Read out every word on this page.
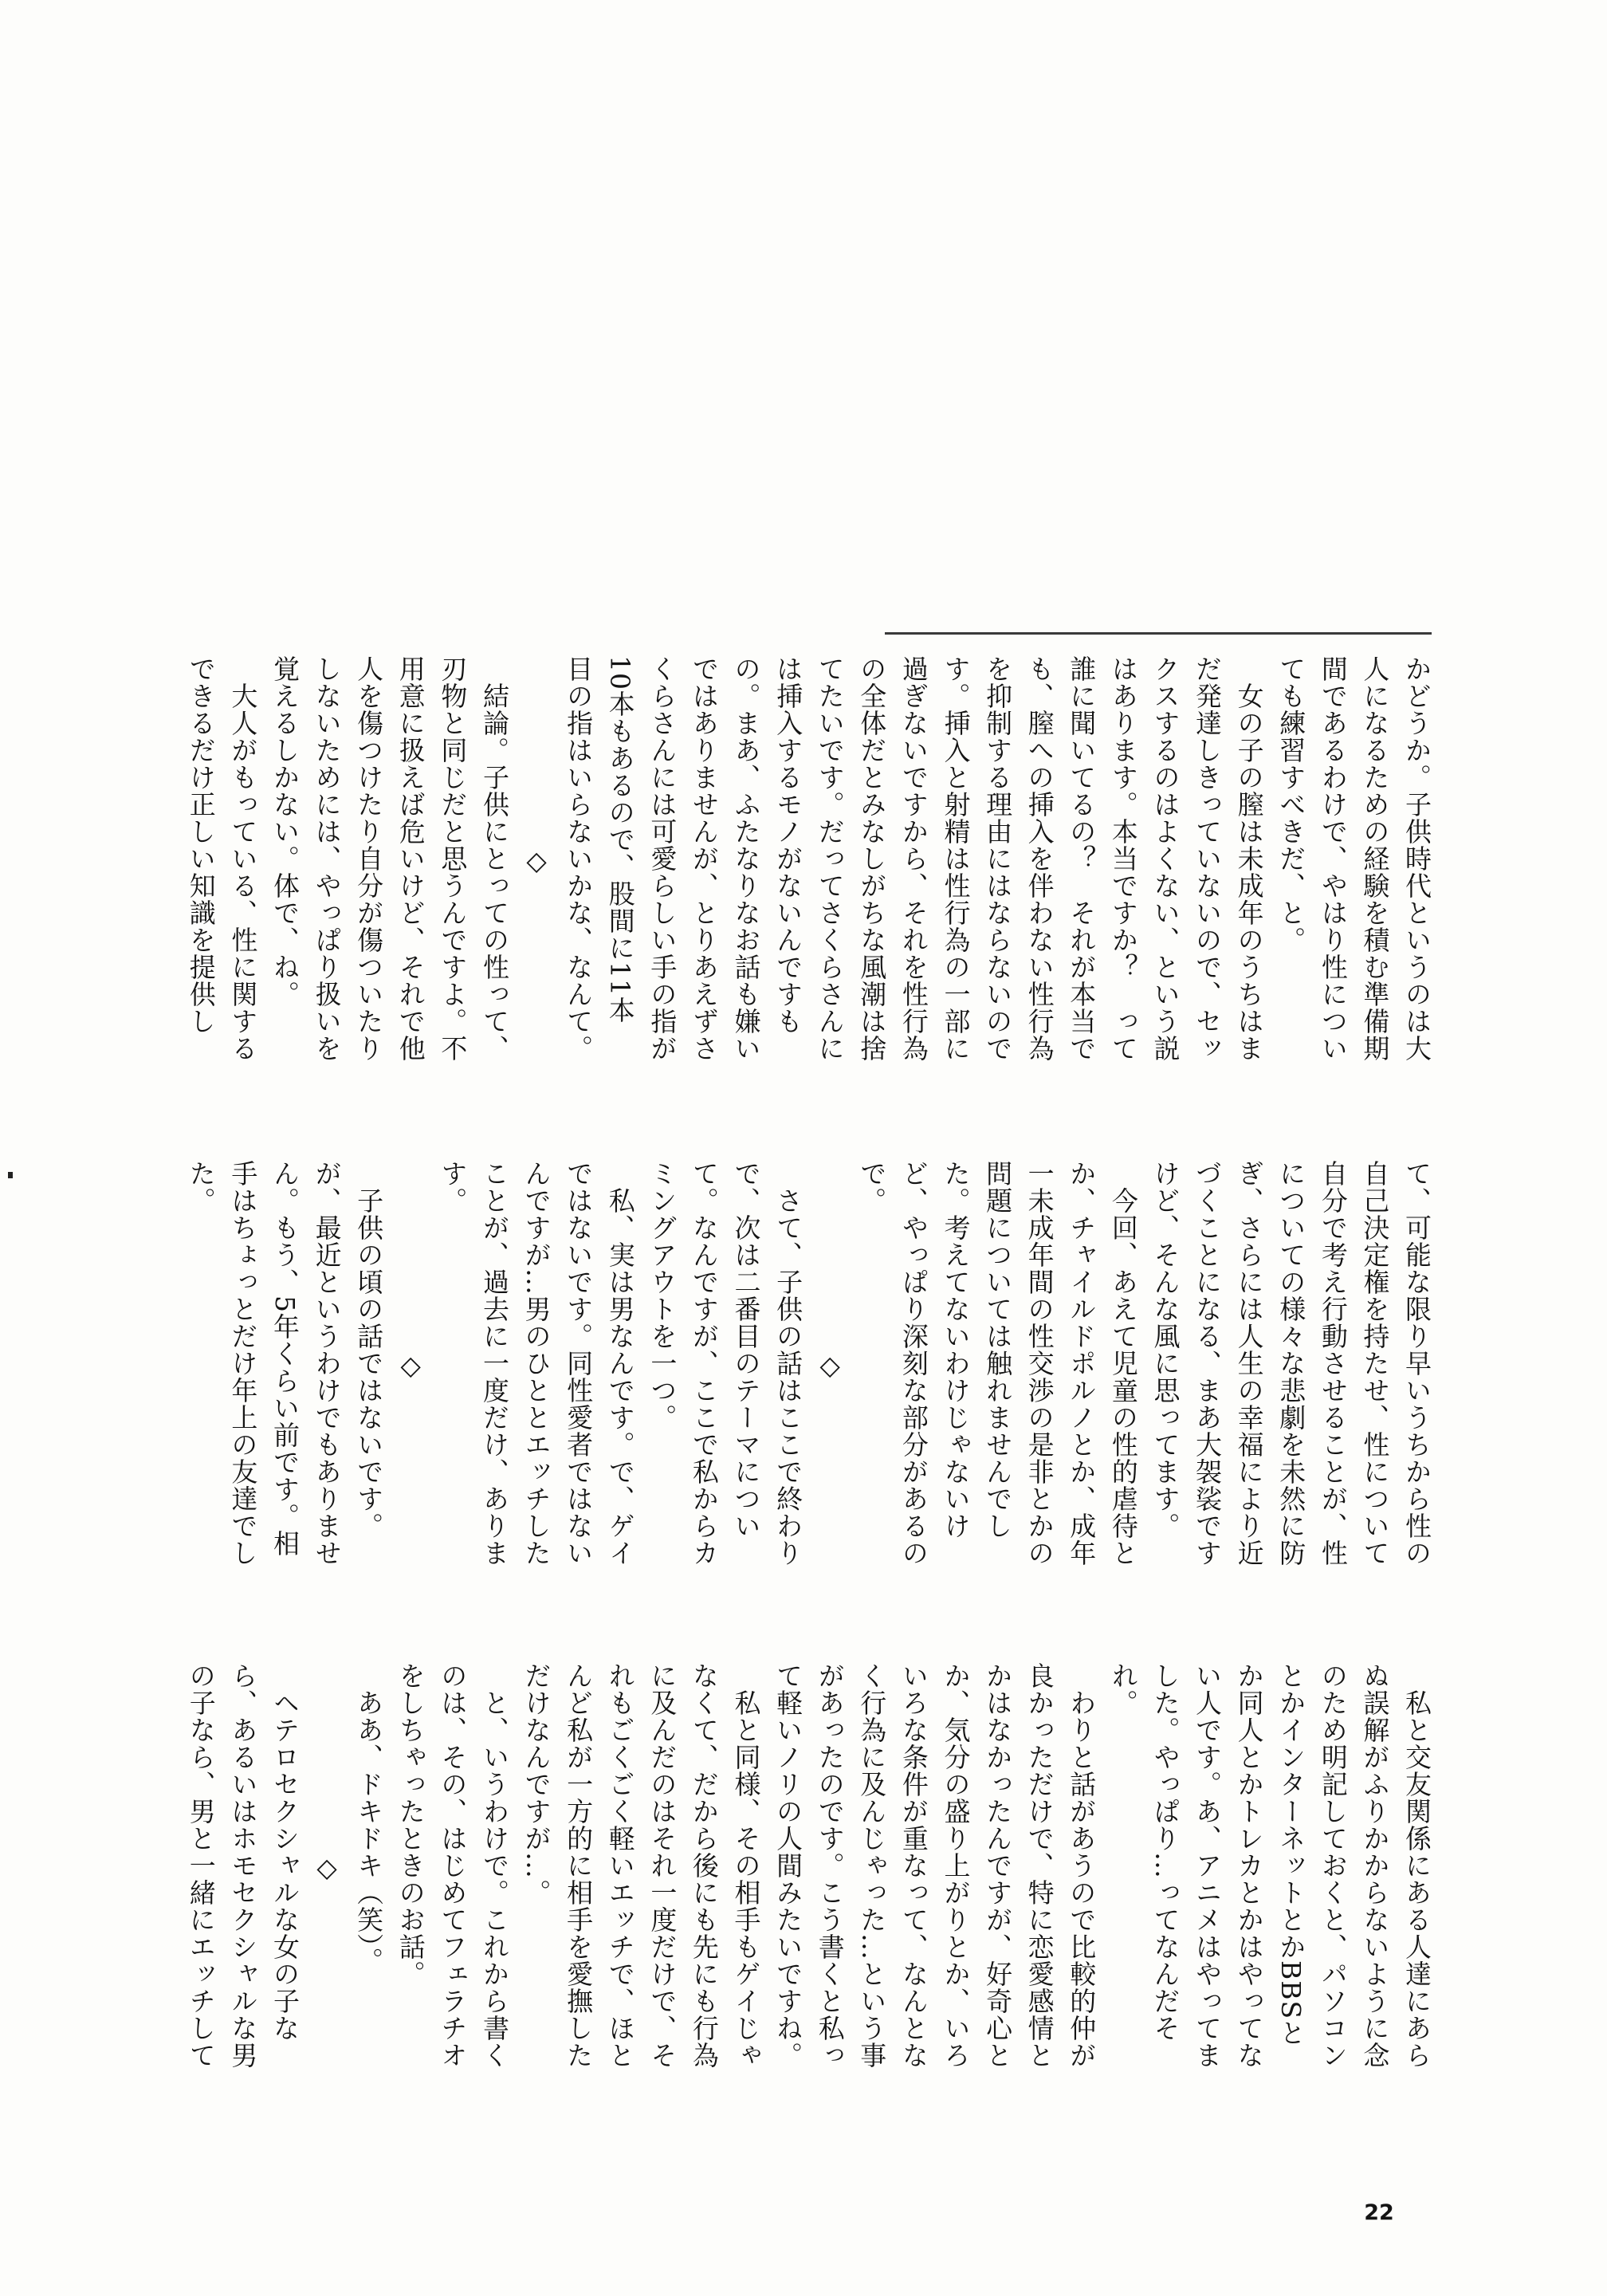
かどうか。子供時代というのは大
人になるための経験を積む準備期
間であるわけで、やはり性につい
ても練習すべきだ、と。
　女の子の膣は未成年のうちはま
だ発達しきっていないので、セッ
クスするのはよくない、という説
はあります。本当ですか？　って
誰に聞いてるの？　それが本当で
も、膣への挿入を伴わない性行為
を抑制する理由にはならないので
す。挿入と射精は性行為の一部に
過ぎないですから、それを性行為
の全体だとみなしがちな風潮は捨
てたいです。だってさくらさんに
は挿入するモノがないんですも
の。まあ、ふたなりなお話も嫌い
ではありませんが、とりあえずさ
くらさんには可愛らしい手の指が
10本もあるので、股間に11本
目の指はいらないかな、なんて。
　　　　　　　◇
　結論。子供にとっての性って、
刃物と同じだと思うんですよ。不
用意に扱えば危いけど、それで他
人を傷つけたり自分が傷ついたり
しないためには、やっぱり扱いを
覚えるしかない。体で、ね。
　大人がもっている、性に関する
できるだけ正しい知識を提供し
て、可能な限り早いうちから性の
自己決定権を持たせ、性について
自分で考え行動させることが、性
についての様々な悲劇を未然に防
ぎ、さらには人生の幸福により近
づくことになる、まあ大袈裟です
けど、そんな風に思ってます。
　今回、あえて児童の性的虐待と
か、チャイルドポルノとか、成年
一未成年間の性交渉の是非とかの
問題については触れませんでし
た。考えてないわけじゃないけ
ど、やっぱり深刻な部分があるの
で。
　　　　　　　◇
　さて、子供の話はここで終わり
で、次は二番目のテーマについ
て。なんですが、ここで私からカ
ミングアウトを一つ。
　私、実は男なんです。で、ゲイ
ではないです。同性愛者ではない
んですが…男のひととエッチした
ことが、過去に一度だけ、ありま
す。
　　　　　　　◇
　子供の頃の話ではないです。
が、最近というわけでもありませ
ん。もう、5年くらい前です。相
手はちょっとだけ年上の友達でし
た。
　私と交友関係にある人達にあら
ぬ誤解がふりかからないように念
のため明記しておくと、パソコン
とかインターネットとかBBSと
か同人とかトレカとかはやってな
い人です。あ、アニメはやってま
した。やっぱり…ってなんだそ
れ。
　わりと話があうので比較的仲が
良かっただけで、特に恋愛感情と
かはなかったんですが、好奇心と
か、気分の盛り上がりとか、いろ
いろな条件が重なって、なんとな
く行為に及んじゃった…という事
があったのです。こう書くと私っ
て軽いノリの人間みたいですね。
　私と同様、その相手もゲイじゃ
なくて、だから後にも先にも行為
に及んだのはそれ一度だけで、そ
れもごくごく軽いエッチで、ほと
んど私が一方的に相手を愛撫した
だけなんですが…。
　と、いうわけで。これから書く
のは、その、はじめてフェラチオ
をしちゃったときのお話。
　ああ、ドキドキ（笑）。
　　　　　　　◇
　ヘテロセクシャルな女の子な
ら、あるいはホモセクシャルな男
の子なら、男と一緒にエッチして
22
